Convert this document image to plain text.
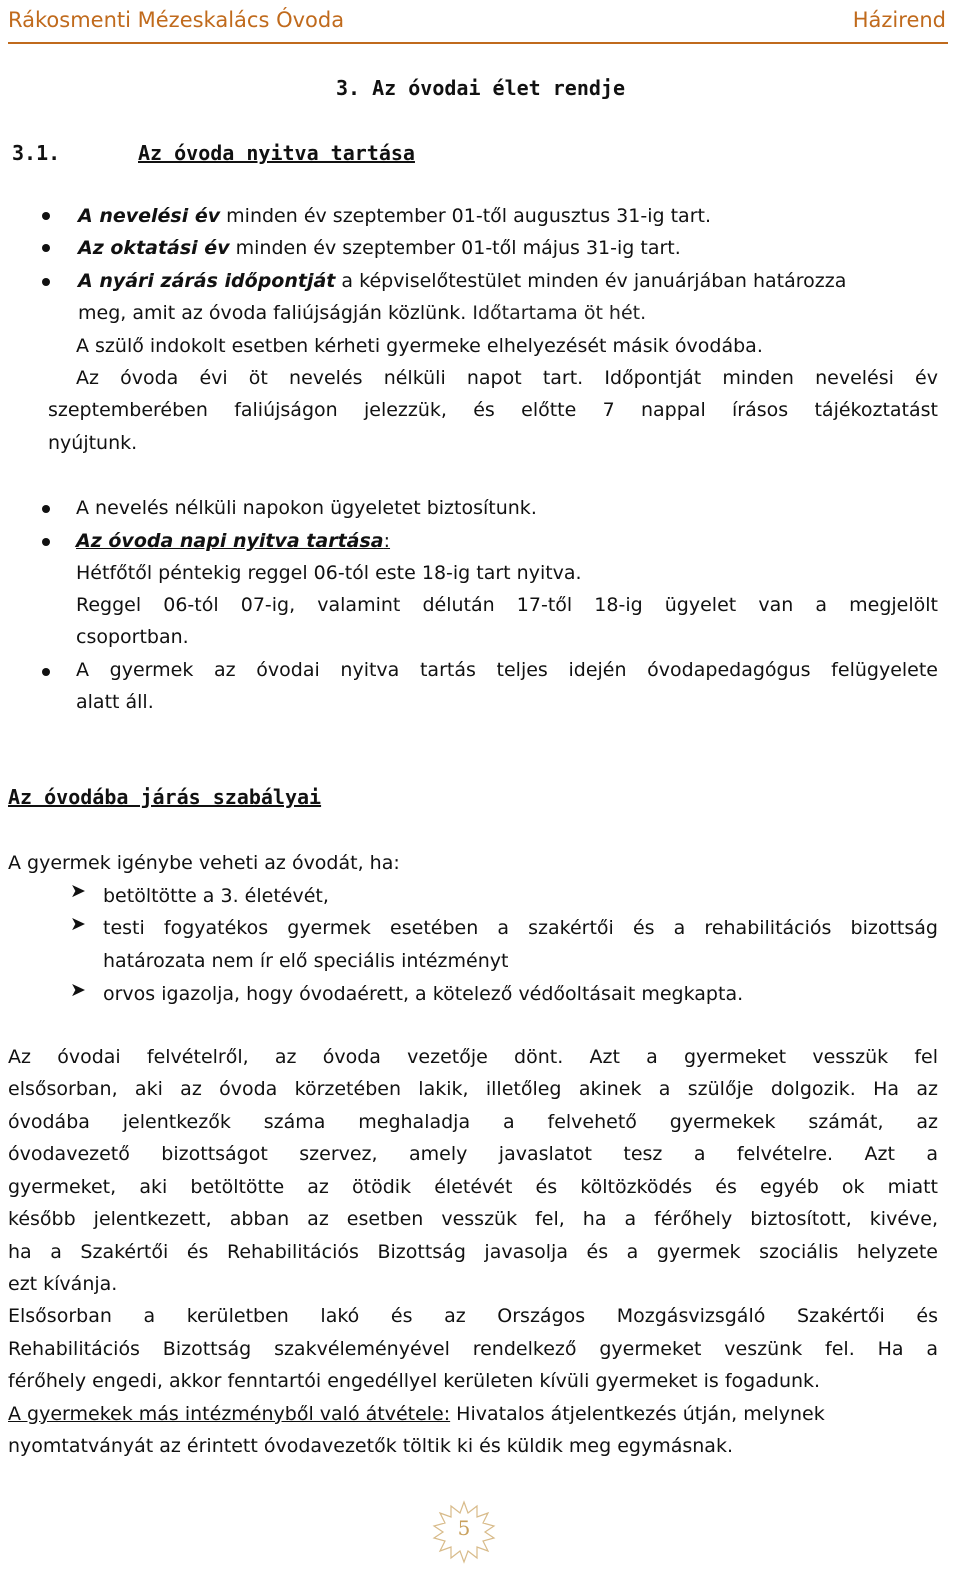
Rákosmenti Mézeskalács Óvoda	Házirend
3. Az óvodai élet rendje
3.1.	Az óvoda nyitva tartása
A nevelési év minden év szeptember 01-től augusztus 31-ig tart.
Az oktatási év minden év szeptember 01-től május 31-ig tart.
A nyári zárás időpontját a képviselőtestület minden év januárjában határozza
meg, amit az óvoda faliújságján közlünk. Időtartama öt hét.
A szülő indokolt esetben kérheti gyermeke elhelyezését másik óvodába.
Az óvoda évi öt nevelés nélküli napot tart. Időpontját minden nevelési év
szeptemberében faliújságon jelezzük, és előtte 7 nappal írásos tájékoztatást
nyújtunk.
A nevelés nélküli napokon ügyeletet biztosítunk.
Az óvoda napi nyitva tartása:
Hétfőtől péntekig reggel 06-tól este 18-ig tart nyitva.
Reggel 06-tól 07-ig, valamint délután 17-től 18-ig ügyelet van a megjelölt
csoportban.
A gyermek az óvodai nyitva tartás teljes idején óvodapedagógus felügyelete
alatt áll.
Az óvodába járás szabályai
A gyermek igénybe veheti az óvodát, ha:
➤ betöltötte a 3. életévét,
➤ testi fogyatékos gyermek esetében a szakértői és a rehabilitációs bizottság
határozata nem ír elő speciális intézményt
➤ orvos igazolja, hogy óvodaérett, a kötelező védőoltásait megkapta.
Az óvodai felvételről, az óvoda vezetője dönt. Azt a gyermeket vesszük fel
elsősorban, aki az óvoda körzetében lakik, illetőleg akinek a szülője dolgozik. Ha az
óvodába jelentkezők száma meghaladja a felvehető gyermekek számát, az
óvodavezető bizottságot szervez, amely javaslatot tesz a felvételre. Azt a
gyermeket, aki betöltötte az ötödik életévét és költözködés és egyéb ok miatt
később jelentkezett, abban az esetben vesszük fel, ha a férőhely biztosított, kivéve,
ha a Szakértői és Rehabilitációs Bizottság javasolja és a gyermek szociális helyzete
ezt kívánja.
Elsősorban a kerületben lakó és az Országos Mozgásvizsgáló Szakértői és
Rehabilitációs Bizottság szakvéleményével rendelkező gyermeket veszünk fel. Ha a
férőhely engedi, akkor fenntartói engedéllyel kerületen kívüli gyermeket is fogadunk.
A gyermekek más intézményből való átvétele: Hivatalos átjelentkezés útján, melynek
nyomtatványát az érintett óvodavezetők töltik ki és küldik meg egymásnak.
5
